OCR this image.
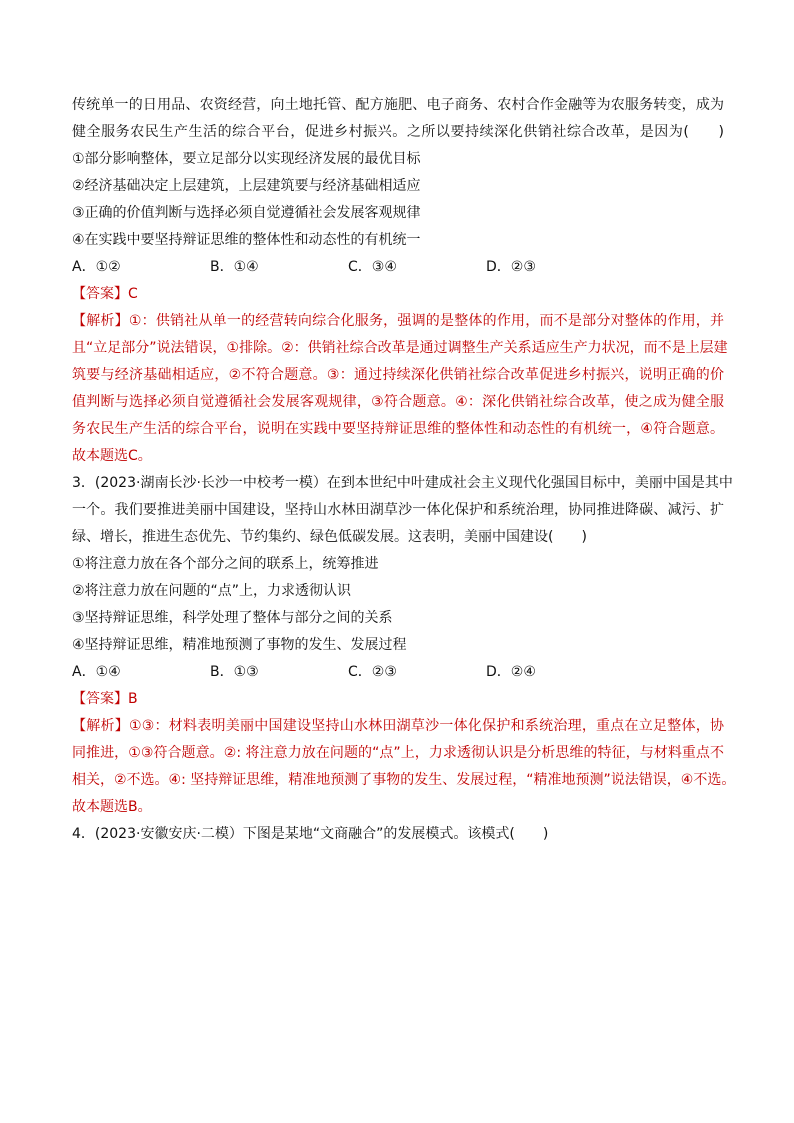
传统单一的日用品、农资经营，向土地托管、配方施肥、电子商务、农村合作金融等为农服务转变，成为
健全服务农民生产生活的综合平台，促进乡村振兴。之所以要持续深化供销社综合改革，是因为(　　)
①部分影响整体，要立足部分以实现经济发展的最优目标
②经济基础决定上层建筑，上层建筑要与经济基础相适应
③正确的价值判断与选择必须自觉遵循社会发展客观规律
④在实践中要坚持辩证思维的整体性和动态性的有机统一
A．①②	B．①④	C．③④	D．②③
【答案】C
【解析】①：供销社从单一的经营转向综合化服务，强调的是整体的作用，而不是部分对整体的作用，并
且“立足部分”说法错误，①排除。②：供销社综合改革是通过调整生产关系适应生产力状况，而不是上层建
筑要与经济基础相适应，②不符合题意。③：通过持续深化供销社综合改革促进乡村振兴，说明正确的价
值判断与选择必须自觉遵循社会发展客观规律，③符合题意。④：深化供销社综合改革，使之成为健全服
务农民生产生活的综合平台，说明在实践中要坚持辩证思维的整体性和动态性的有机统一，④符合题意。
故本题选C。
3．(2023·湖南长沙·长沙一中校考一模）在到本世纪中叶建成社会主义现代化强国目标中，美丽中国是其中
一个。我们要推进美丽中国建设，坚持山水林田湖草沙一体化保护和系统治理，协同推进降碳、减污、扩
绿、增长，推进生态优先、节约集约、绿色低碳发展。这表明，美丽中国建设(　　)
①将注意力放在各个部分之间的联系上，统筹推进
②将注意力放在问题的“点”上，力求透彻认识
③坚持辩证思维，科学处理了整体与部分之间的关系
④坚持辩证思维，精准地预测了事物的发生、发展过程
A．①④	B．①③	C．②③	D．②④
【答案】B
【解析】①③：材料表明美丽中国建设坚持山水林田湖草沙一体化保护和系统治理，重点在立足整体，协
同推进，①③符合题意。②: 将注意力放在问题的“点”上，力求透彻认识是分析思维的特征，与材料重点不
相关，②不选。④: 坚持辩证思维，精准地预测了事物的发生、发展过程，“精准地预测”说法错误，④不选。
故本题选B。
4．(2023·安徽安庆·二模）下图是某地“文商融合”的发展模式。该模式(　　)
